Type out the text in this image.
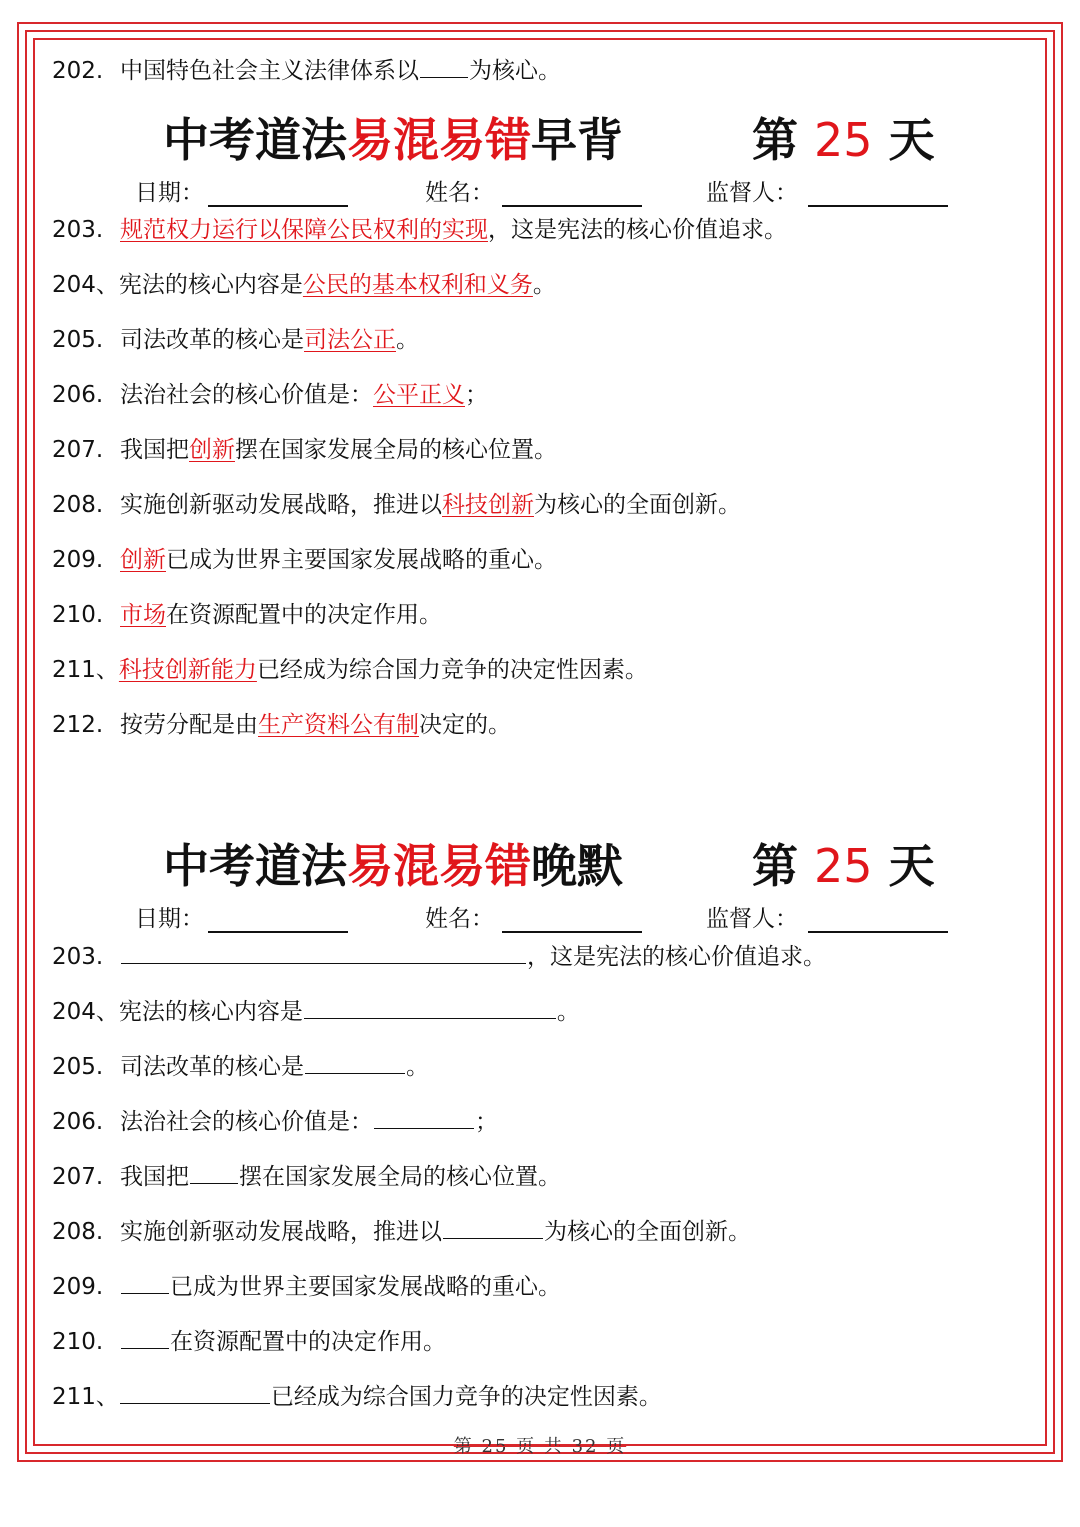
202. 中国特色社会主义法律体系以 为核心。
中考道法易混易错早背	第 25 天
日期：	姓名：	监督人：
203. 规范权力运行以保障公民权利的实现，这是宪法的核心价值追求。
204、宪法的核心内容是公民的基本权利和义务。
205. 司法改革的核心是司法公正。
206. 法治社会的核心价值是：公平正义；
207. 我国把创新摆在国家发展全局的核心位置。
208. 实施创新驱动发展战略，推进以科技创新为核心的全面创新。
209. 创新已成为世界主要国家发展战略的重心。
210. 市场在资源配置中的决定作用。
211、科技创新能力已经成为综合国力竞争的决定性因素。
212. 按劳分配是由生产资料公有制决定的。
中考道法易混易错晚默	第 25 天
日期：	姓名：	监督人：
203.	，这是宪法的核心价值追求。
204、宪法的核心内容是	。
205. 司法改革的核心是	。
206. 法治社会的核心价值是：	；
207. 我国把 摆在国家发展全局的核心位置。
208. 实施创新驱动发展战略，推进以	为核心的全面创新。
209.	已成为世界主要国家发展战略的重心。
210.	在资源配置中的决定作用。
211、	已经成为综合国力竞争的决定性因素。
第 25 页 共 32 页
